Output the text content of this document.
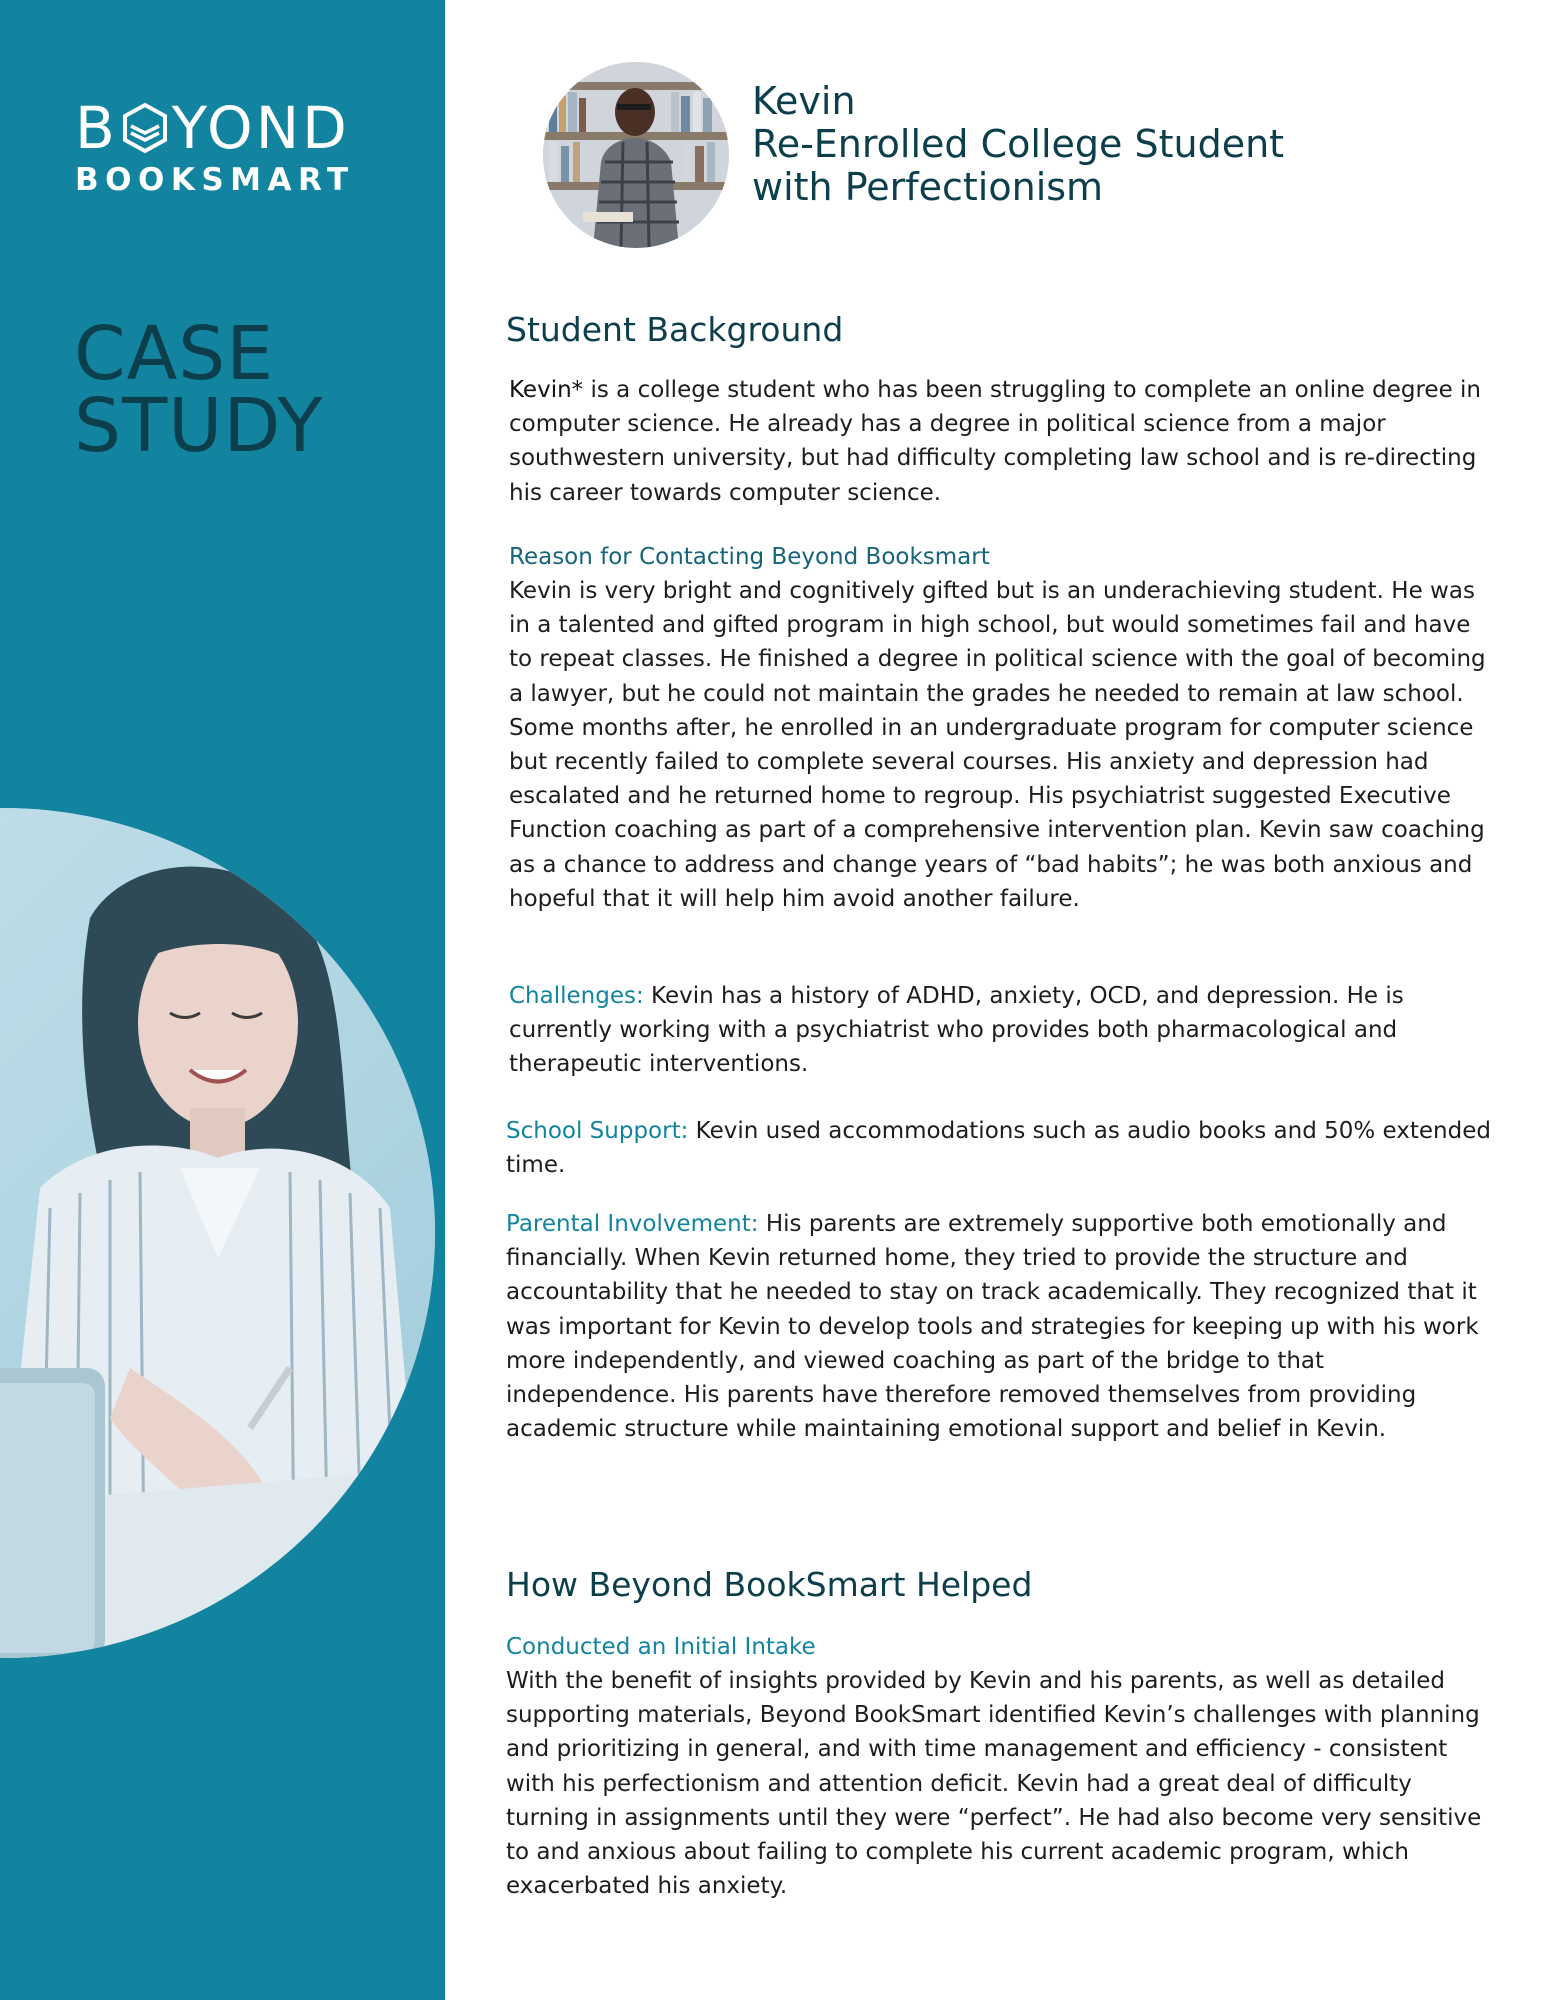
B YOND
BOOKSMART
CASE
STUDY
Kevin
Re-Enrolled College Student
with Perfectionism
Student Background
Kevin* is a college student who has been struggling to complete an online degree in computer science. He already has a degree in political science from a major southwestern university, but had difficulty completing law school and is re-directing his career towards computer science.
Reason for Contacting Beyond Booksmart
Kevin is very bright and cognitively gifted but is an underachieving student. He was in a talented and gifted program in high school, but would sometimes fail and have to repeat classes. He finished a degree in political science with the goal of becoming a lawyer, but he could not maintain the grades he needed to remain at law school. Some months after, he enrolled in an undergraduate program for computer science but recently failed to complete several courses. His anxiety and depression had escalated and he returned home to regroup. His psychiatrist suggested Executive Function coaching as part of a comprehensive intervention plan. Kevin saw coaching as a chance to address and change years of “bad habits”; he was both anxious and hopeful that it will help him avoid another failure.
Challenges: Kevin has a history of ADHD, anxiety, OCD, and depression. He is currently working with a psychiatrist who provides both pharmacological and therapeutic interventions.
School Support: Kevin used accommodations such as audio books and 50% extended time.
Parental Involvement: His parents are extremely supportive both emotionally and financially. When Kevin returned home, they tried to provide the structure and accountability that he needed to stay on track academically. They recognized that it was important for Kevin to develop tools and strategies for keeping up with his work more independently, and viewed coaching as part of the bridge to that independence. His parents have therefore removed themselves from providing academic structure while maintaining emotional support and belief in Kevin.
How Beyond BookSmart Helped
Conducted an Initial Intake
With the benefit of insights provided by Kevin and his parents, as well as detailed supporting materials, Beyond BookSmart identified Kevin’s challenges with planning and prioritizing in general, and with time management and efficiency - consistent with his perfectionism and attention deficit. Kevin had a great deal of difficulty turning in assignments until they were “perfect”. He had also become very sensitive to and anxious about failing to complete his current academic program, which exacerbated his anxiety.
